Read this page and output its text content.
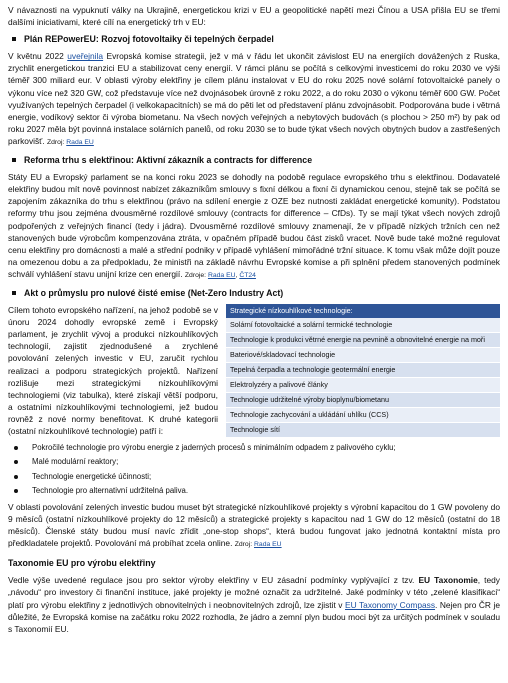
V návaznosti na vypuknutí války na Ukrajině, energetickou krizi v EU a geopolitické napětí mezi Čínou a USA přišla EU se třemi dalšími iniciativami, které cílí na energetický trh v EU:

Plán REPowerEU: Rozvoj fotovoltaiky či tepelných čerpadel

V květnu 2022 uveřejnila Evropská komise strategii, jež v má v řádu let ukončit závislost EU na energiích dovážených z Ruska, zrychlit energetickou tranzici EU a stabilizovat ceny energií. V rámci plánu se počítá s celkovými investicemi do roku 2030 ve výši téměř 300 miliard eur. V oblasti výroby elektřiny je cílem plánu instalovat v EU do roku 2025 nové solární fotovoltaické panely o výkonu více než 320 GW, což představuje více než dvojnásobek úrovně z roku 2022, a do roku 2030 o výkonu téměř 600 GW. Počet využívaných tepelných čerpadel (i velkokapacitních) se má do pěti let od představení plánu zdvojnásobit. Podporována bude i větrná energie, vodíkový sektor či výroba biometanu. Na všech nových veřejných a nebytových budovách (s plochou > 250 m²) by pak od roku 2027 měla být povinná instalace solárních panelů, od roku 2030 se to bude týkat všech nových obytných budov a zastřešených parkovišť. Zdroj: Rada EU

Reforma trhu s elektřinou: Aktivní zákazník a contracts for difference

Státy EU a Evropský parlament se na konci roku 2023 se dohodly na podobě regulace evropského trhu s elektřinou. Dodavatelé elektřiny budou mít nově povinnost nabízet zákazníkům smlouvy s fixní délkou a fixní či dynamickou cenou, stejně tak se počítá se zapojením zákazníka do trhu s elektřinou (právo na sdílení energie z OZE bez nutnosti zakládat energetické komunity). Podstatou reformy trhu jsou zejména dvousměrné rozdílové smlouvy (contracts for difference – CfDs). Ty se mají týkat všech nových zdrojů podpořených z veřejných financí (tedy i jádra). Dvousměrné rozdílové smlouvy znamenají, že v případě nízkých tržních cen než stanovených bude výrobcům kompenzována ztráta, v opačném případě budou část zisků vracet. Nově bude také možné regulovat cenu elektřiny pro domácnosti a malé a střední podniky v případě vyhlášení mimořádné tržní situace. K tomu však může dojít pouze na omezenou dobu a za předpokladu, že ministři na základě návrhu Evropské komise a při splnění předem stanovených podmínek schválí vyhlášení stavu unijní krize cen energií. Zdroje: Rada EU, ČT24

Akt o průmyslu pro nulové čisté emise (Net-Zero Industry Act)
Strategické nízkouhlíkové technologie:
Solární fotovoltaické a solární termické technologie
Technologie k produkci větrné energie na pevnině a obnovitelné energie na moři
Bateriové/skladovací technologie
Tepelná čerpadla a technologie geotermální energie
Elektrolyzéry a palivové články
Technologie udržitelné výroby bioplynu/biometanu
Technologie zachycování a ukládání uhlíku (CCS)
Technologie sítí

Cílem tohoto evropského nařízení, na jehož podobě se v únoru 2024 dohodly evropské země i Evropský parlament, je zrychlit vývoj a produkci nízkouhlíkových technologií, zajistit zjednodušené a zrychlené povolování zelených investic v EU, zaručit rychlou realizaci a podporu strategických projektů. Nařízení rozlišuje mezi strategickými nízkouhlíkovými technologiemi (viz tabulka), které získají větší podporu, a ostatními nízkouhlíkovými technologiemi, jež budou rovněž z nové normy benefitovat. K druhé kategorii (ostatní nízkouhlíkové technologie) patří i:

Pokročilé technologie pro výrobu energie z jaderných procesů s minimálním odpadem z palivového cyklu;
Malé modulární reaktory;
Technologie energetické účinnosti;
Technologie pro alternativní udržitelná paliva.

V oblasti povolování zelených investic budou muset být strategické nízkouhlíkové projekty s výrobní kapacitou do 1 GW povoleny do 9 měsíců (ostatní nízkouhlíkové projekty do 12 měsíců) a strategické projekty s kapacitou nad 1 GW do 12 měsíců (ostatní do 18 měsíců). Členské státy budou musí navíc zřídit „one-stop shops“, která budou fungovat jako jednotná kontaktní místa pro předkladatele projektů. Povolování má probíhat zcela online. Zdroj: Rada EU

Taxonomie EU pro výrobu elektřiny

Vedle výše uvedené regulace jsou pro sektor výroby elektřiny v EU zásadní podmínky vyplývající z tzv. EU Taxonomie, tedy „návodu“ pro investory či finanční instituce, jaké projekty je možné označit za udržitelné. Jaké podmínky v této „zelené klasifikaci“ platí pro výrobu elektřiny z jednotlivých obnovitelných i neobnovitelných zdrojů, lze zjistit v EU Taxonomy Compass. Nejen pro ČR je důležité, že Evropská komise na začátku roku 2022 rozhodla, že jádro a zemní plyn budou moci být za určitých podmínek v souladu s Taxonomií EU.
